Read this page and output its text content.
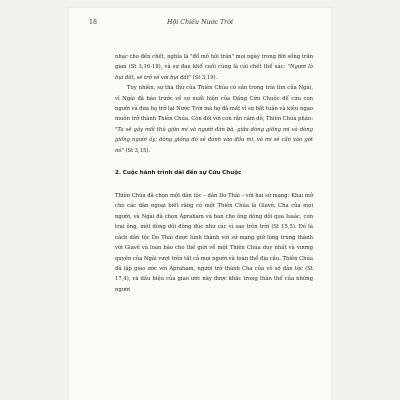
18	Hội Chiếu Nước Trời

nhạc cho đến chết, nghĩa là "đổ mồ hôi trán" mọi ngày trong đời sống trần gian (St 3,16-18), và sự đau khổ cuối cùng là cái chết thể xác: "Ngươi là bụi đất, sẽ trở về với bụi đất" (St 3,19).

Tuy nhiên, sự tha thứ của Thiên Chúa có sẵn trong trái tim của Ngài, vì Ngài đã báo trước về sự xuất hiện của Đấng Cứu Chuộc để cứu con người và đưa họ trở lại Nước Trời mà họ đã mất vì sự bất tuân và kiêu ngạo muốn trở thành Thiên Chúa. Còn đối với con rắn cám dỗ, Thiên Chúa phán: "Ta sẽ gây mối thù giữa mi và người đàn bà, giữa dòng giống mi và dòng giống người ấy; dòng giống đó sẽ đánh vào đầu mi, và mi sẽ cắn vào gót nó" (St 3,15).

2. Cuộc hành trình dài đến sự Cứu Chuộc

Thiên Chúa đã chọn một dân tộc – dân Do Thái – với hai sứ mạng: Khai mở cho các dân ngoại biết rằng có một Thiên Chúa là Giavê, Cha của mọi người, và Ngài đã chọn Ápraham và ban cho ông dòng dõi qua Isaác, con trai ông, một dòng dõi đông đúc như các vì sao trên trời (St 15,5). Đó là cách dân tộc Do Thái được hình thành với sứ mạng giữ lòng trung thành với Giavê và loan báo cho thế giới về một Thiên Chúa duy nhất và vương quyền của Ngài vượt trên tất cả mọi người và toàn thể địa cầu. Thiên Chúa đã lập giao ước với Ápraham, người trở thành Cha của vô số dân tộc (St 17,4), và dấu hiệu của giao ước này được khắc trong thân thể của những người
